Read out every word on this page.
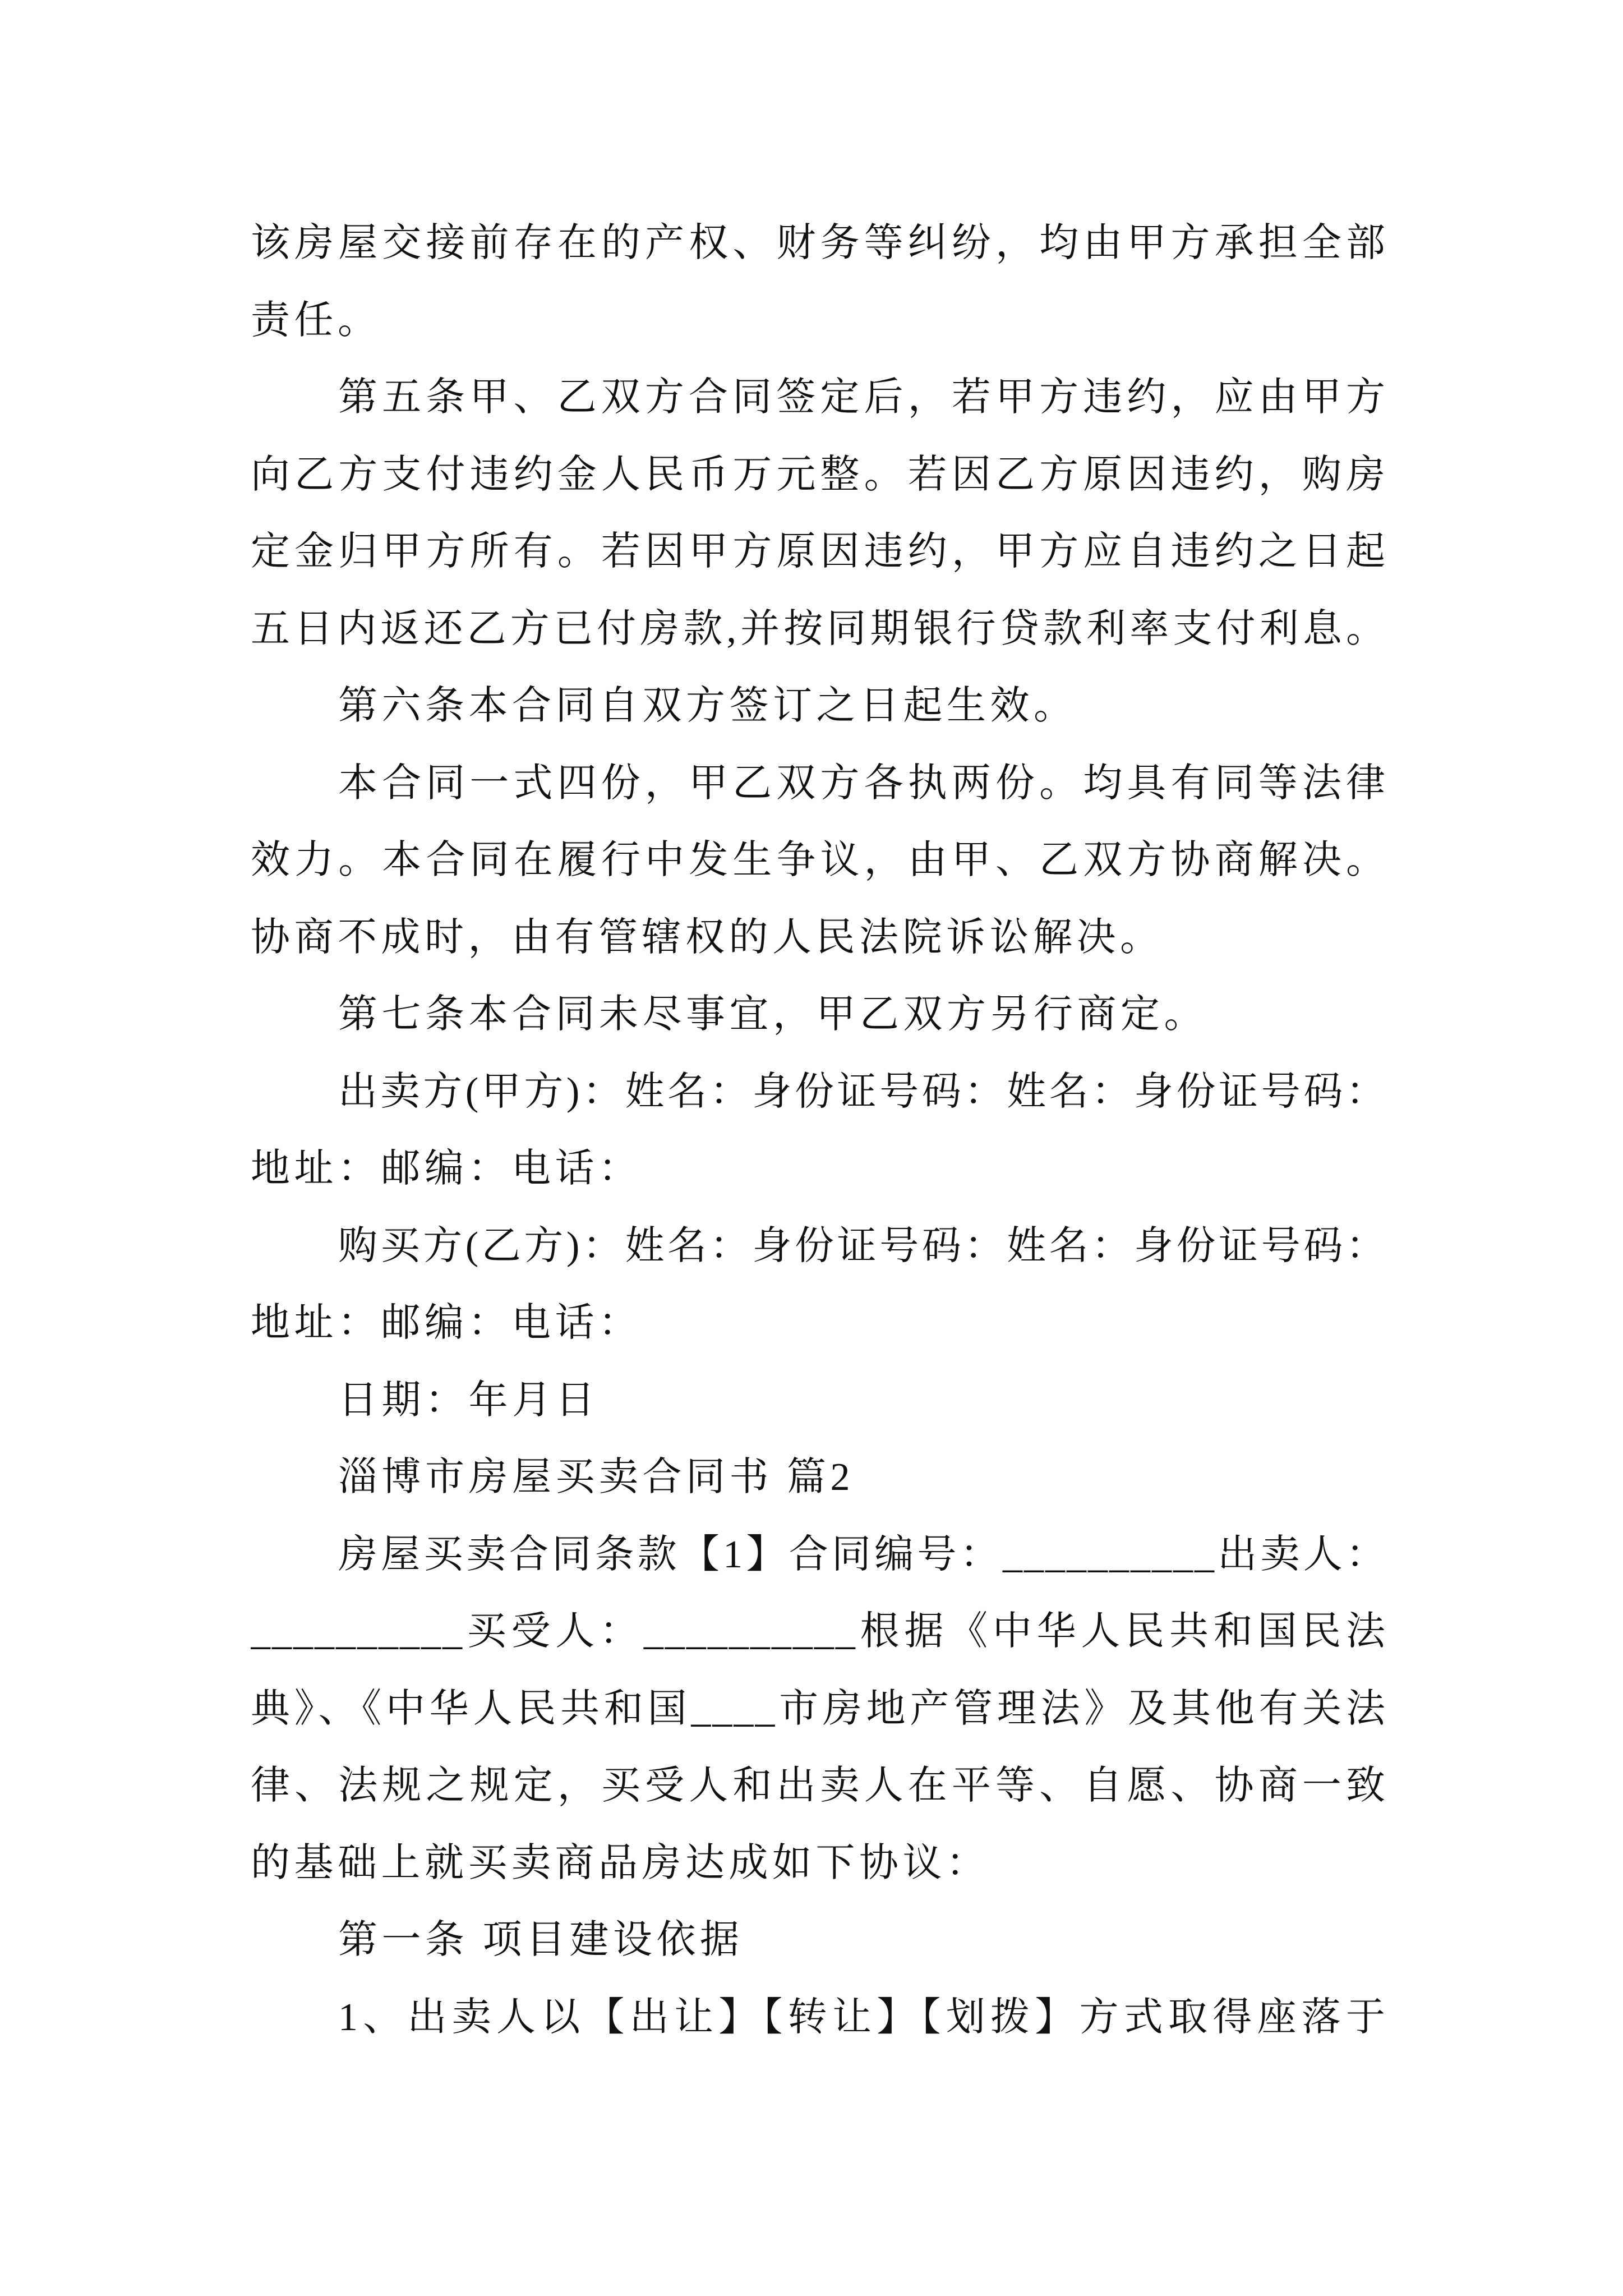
该房屋交接前存在的产权、财务等纠纷，均由甲方承担全部
责任。
第五条甲、乙双方合同签定后，若甲方违约，应由甲方
向乙方支付违约金人民币万元整。若因乙方原因违约，购房
定金归甲方所有。若因甲方原因违约，甲方应自违约之日起
五日内返还乙方已付房款,并按同期银行贷款利率支付利息。
第六条本合同自双方签订之日起生效。
本合同一式四份，甲乙双方各执两份。均具有同等法律
效力。本合同在履行中发生争议，由甲、乙双方协商解决。
协商不成时，由有管辖权的人民法院诉讼解决。
第七条本合同未尽事宜，甲乙双方另行商定。
出卖方(甲方)：姓名：身份证号码：姓名：身份证号码：
地址：邮编：电话：
购买方(乙方)：姓名：身份证号码：姓名：身份证号码：
地址：邮编：电话：
日期：年月日
淄博市房屋买卖合同书 篇2
房屋买卖合同条款【1】合同编号：__________出卖人：
__________买受人：__________根据《中华人民共和国民法
典》、《中华人民共和国____市房地产管理法》及其他有关法
律、法规之规定，买受人和出卖人在平等、自愿、协商一致
的基础上就买卖商品房达成如下协议：
第一条 项目建设依据
1、出卖人以【出让】【转让】【划拨】方式取得座落于
